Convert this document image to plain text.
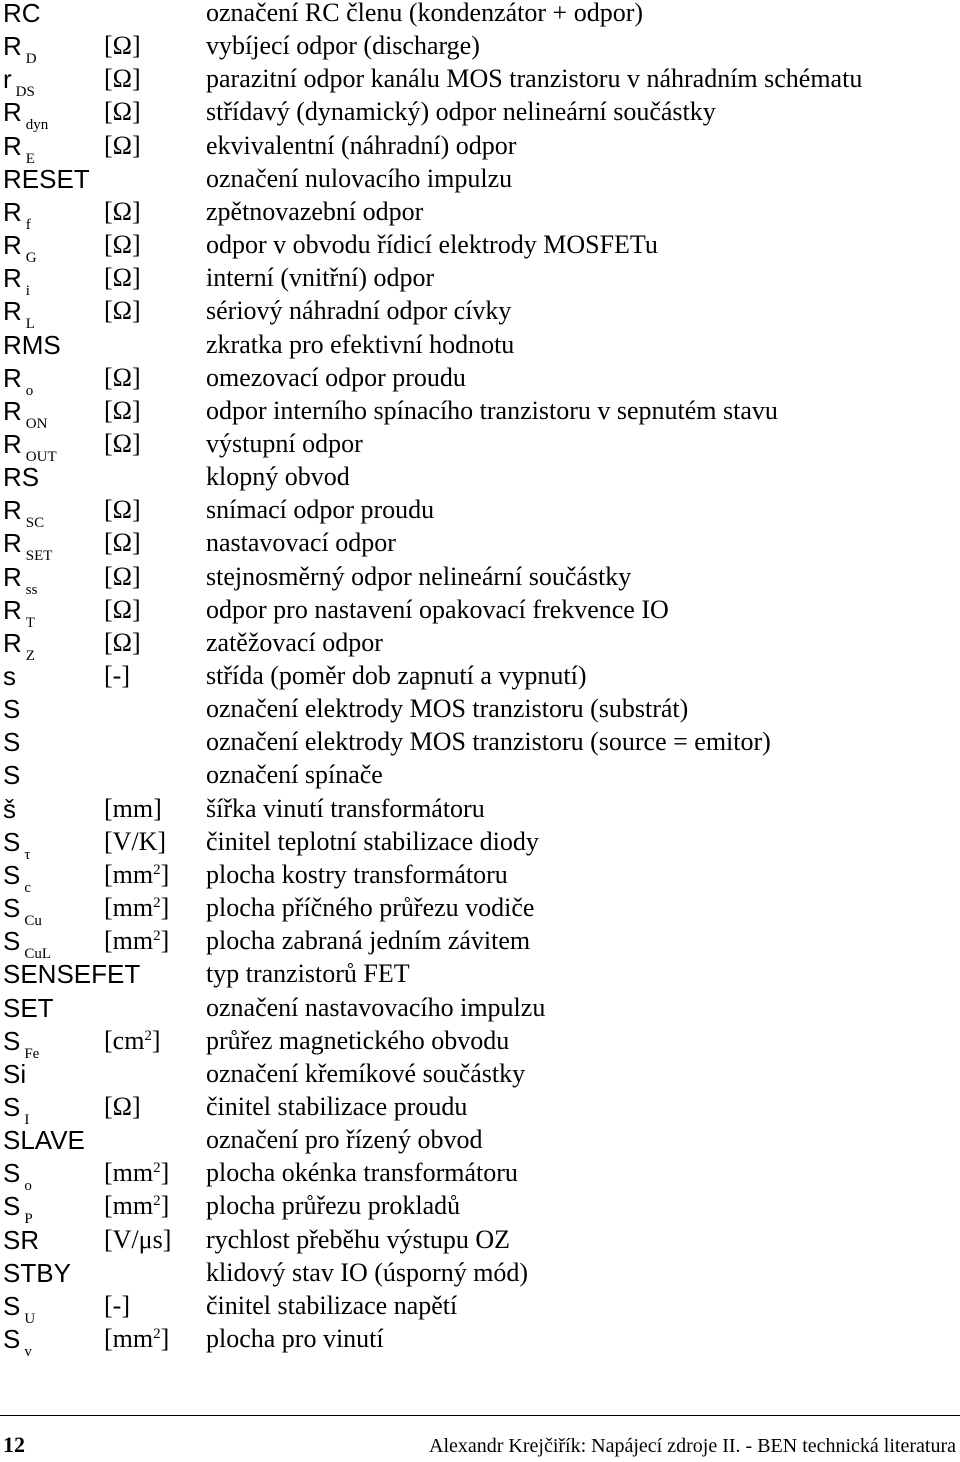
RC	označení RC členu (kondenzátor + odpor)
R $_D$	[Ω]	vybíjecí odpor (discharge)
r $_{DS}$	[Ω]	parazitní odpor kanálu MOS tranzistoru v náhradním schématu
R $_{dyn}$ [Ω]	střídavý (dynamický) odpor nelineární součástky
R $_E$	[Ω]	ekvivalentní (náhradní) odpor
RESET	označení nulovacího impulzu
R $_f$	[Ω]	zpětnovazební odpor
R $_G$	[Ω]	odpor v obvodu řídicí elektrody MOSFETu
R $_i$	[Ω]	interní (vnitřní) odpor
R $_L$	[Ω]	sériový náhradní odpor cívky
RMS	zkratka pro efektivní hodnotu
R $_o$	[Ω]	omezovací odpor proudu
R $_{ON}$ [Ω]	odpor interního spínacího tranzistoru v sepnutém stavu
R $_{OUT}$ [Ω]	výstupní odpor
RS	klopný obvod
R $_{SC}$ [Ω]	snímací odpor proudu
R $_{SET}$ [Ω]	nastavovací odpor
R $_{ss}$	[Ω]	stejnosměrný odpor nelineární součástky
R $_T$	[Ω]	odpor pro nastavení opakovací frekvence IO
R $_Z$	[Ω]	zatěžovací odpor
s	[-]	střída (poměr dob zapnutí a vypnutí)
S	označení elektrody MOS tranzistoru (substrát)
S	označení elektrody MOS tranzistoru (source = emitor)
S	označení spínače
š	[mm] šířka vinutí transformátoru
S $_\tau$	[V/K] činitel teplotní stabilizace diody
S $_c$	$[mm^2]$ plocha kostry transformátoru
S $_{Cu}$ $[mm^2]$ plocha příčného průřezu vodiče
S $_{CuL}$ $[mm^2]$ plocha zabraná jedním závitem
SENSEFET	typ tranzistorů FET
SET	označení nastavovacího impulzu
S $_{Fe}$ $[cm^2]$ průřez magnetického obvodu
Si	označení křemíkové součástky
S $_I$	[Ω]	činitel stabilizace proudu
SLAVE	označení pro řízený obvod
S $_o$	$[mm^2]$ plocha okénka transformátoru
S $_P$	$[mm^2]$ plocha průřezu prokladů
SR [V/μs] rychlost přeběhu výstupu OZ
STBY	klidový stav IO (úsporný mód)
S $_U$	[-]	činitel stabilizace napětí
S $_v$	$[mm^2]$ plocha pro vinutí
12	Alexandr Krejčiřík: Napájecí zdroje II. - BEN technická literatura
